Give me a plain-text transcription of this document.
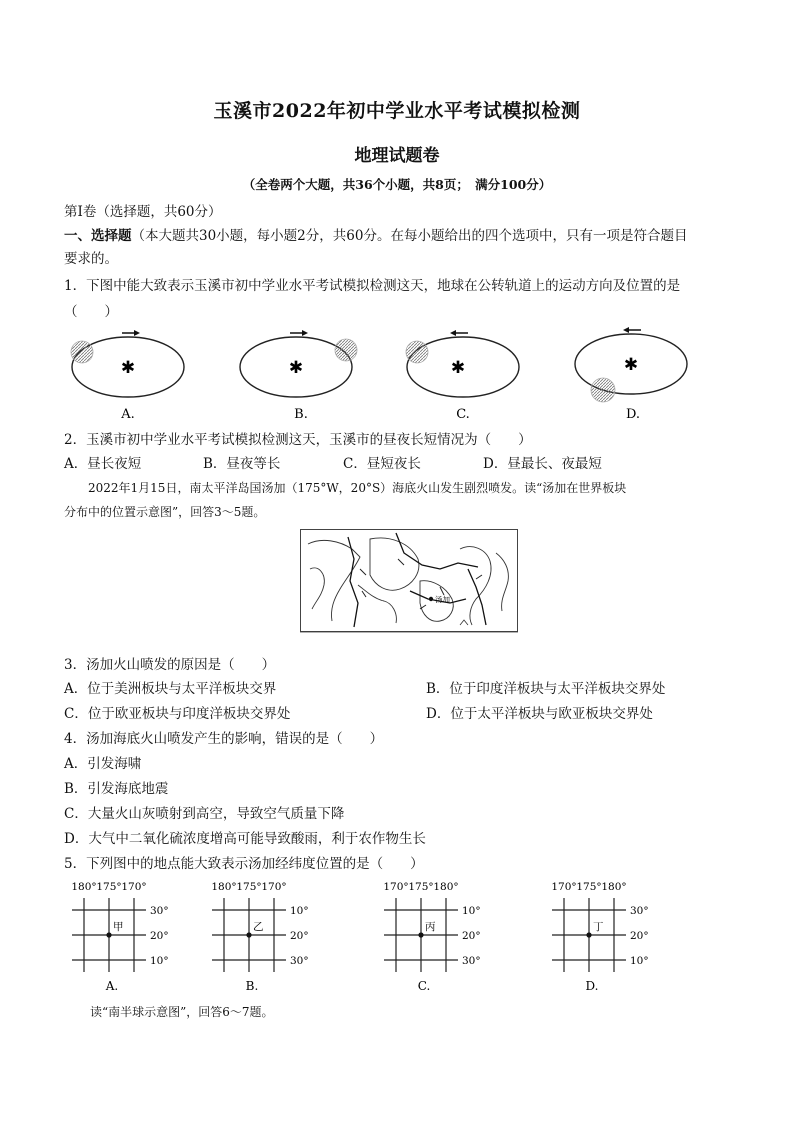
玉溪市2022年初中学业水平考试模拟检测
地理试题卷
（全卷两个大题，共36个小题，共8页；　满分100分）
第Ⅰ卷（选择题，共60分）
一、选择题（本大题共30小题，每小题2分，共60分。在每小题给出的四个选项中，只有一项是符合题目
要求的。
1．下图中能大致表示玉溪市初中学业水平考试模拟检测这天，地球在公转轨道上的运动方向及位置的是
（　　）
✱
A.
✱
B.
✱
C.
✱
D.
2．玉溪市初中学业水平考试模拟检测这天，玉溪市的昼夜长短情况为（　　）
A．昼长夜短	B．昼夜等长	C．昼短夜长	D．昼最长、夜最短
2022年1月15日，南太平洋岛国汤加（175°W，20°S）海底火山发生剧烈喷发。读“汤加在世界板块
分布中的位置示意图”，回答3～5题。
汤加
3．汤加火山喷发的原因是（　　）
A．位于美洲板块与太平洋板块交界	B．位于印度洋板块与太平洋板块交界处
C．位于欧亚板块与印度洋板块交界处	D．位于太平洋板块与欧亚板块交界处
4．汤加海底火山喷发产生的影响，错误的是（　　）
A．引发海啸
B．引发海底地震
C．大量火山灰喷射到高空，导致空气质量下降
D．大气中二氧化硫浓度增高可能导致酸雨，利于农作物生长
5．下列图中的地点能大致表示汤加经纬度位置的是（　　）
180° 175° 170°
30°
20°
10°
甲
A.
180° 175° 170°
10°
20°
30°
乙
B.
170° 175° 180°
10°
20°
30°
丙
C.
170° 175° 180°
30°
20°
10°
丁
D.
读“南半球示意图”，回答6～7题。
